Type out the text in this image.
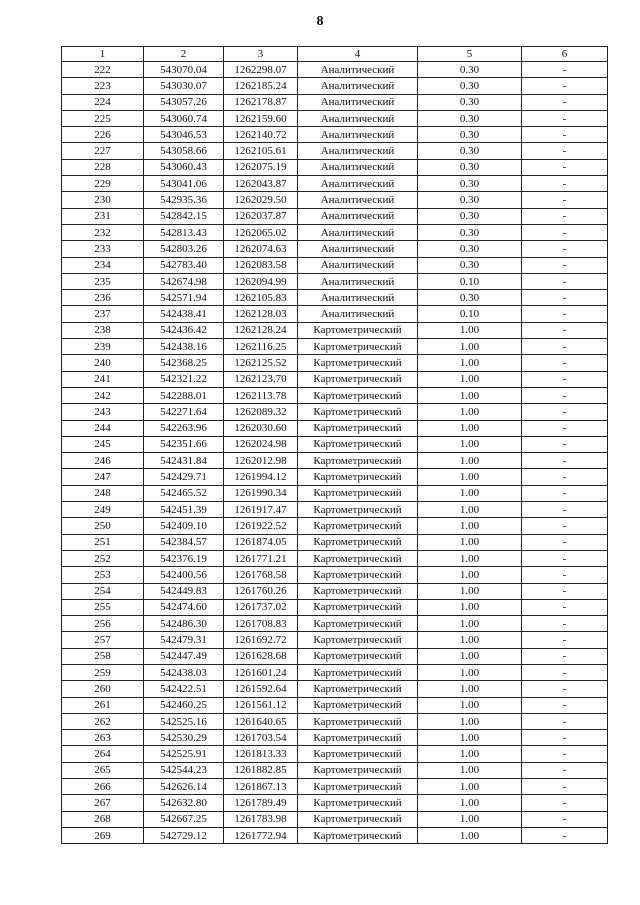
8
1	2	3	4	5	6
222	543070.04	1262298.07	Аналитический	0.30	-
223	543030.07	1262185.24	Аналитический	0.30	-
224	543057.26	1262178.87	Аналитический	0.30	-
225	543060.74	1262159.60	Аналитический	0.30	-
226	543046.53	1262140.72	Аналитический	0.30	-
227	543058.66	1262105.61	Аналитический	0.30	-
228	543060.43	1262075.19	Аналитический	0.30	-
229	543041.06	1262043.87	Аналитический	0.30	-
230	542935.36	1262029.50	Аналитический	0.30	-
231	542842.15	1262037.87	Аналитический	0.30	-
232	542813.43	1262065.02	Аналитический	0.30	-
233	542803.26	1262074.63	Аналитический	0.30	-
234	542783.40	1262083.58	Аналитический	0.30	-
235	542674.98	1262094.99	Аналитический	0.10	-
236	542571.94	1262105.83	Аналитический	0.30	-
237	542438.41	1262128.03	Аналитический	0.10	-
238	542436.42	1262128.24	Картометрический	1.00	-
239	542438.16	1262116.25	Картометрический	1.00	-
240	542368.25	1262125.52	Картометрический	1.00	-
241	542321.22	1262123.70	Картометрический	1.00	-
242	542288.01	1262113.78	Картометрический	1.00	-
243	542271.64	1262089.32	Картометрический	1.00	-
244	542263.96	1262030.60	Картометрический	1.00	-
245	542351.66	1262024.98	Картометрический	1.00	-
246	542431.84	1262012.98	Картометрический	1.00	-
247	542429.71	1261994.12	Картометрический	1.00	-
248	542465.52	1261990.34	Картометрический	1.00	-
249	542451.39	1261917.47	Картометрический	1.00	-
250	542409.10	1261922.52	Картометрический	1.00	-
251	542384.57	1261874.05	Картометрический	1.00	-
252	542376.19	1261771.21	Картометрический	1.00	-
253	542400.56	1261768.58	Картометрический	1.00	-
254	542449.83	1261760.26	Картометрический	1.00	-
255	542474.60	1261737.02	Картометрический	1.00	-
256	542486.30	1261708.83	Картометрический	1.00	-
257	542479.31	1261692.72	Картометрический	1.00	-
258	542447.49	1261628.68	Картометрический	1.00	-
259	542438.03	1261601.24	Картометрический	1.00	-
260	542422.51	1261592.64	Картометрический	1.00	-
261	542460.25	1261561.12	Картометрический	1.00	-
262	542525.16	1261640.65	Картометрический	1.00	-
263	542530.29	1261703.54	Картометрический	1.00	-
264	542525.91	1261813.33	Картометрический	1.00	-
265	542544.23	1261882.85	Картометрический	1.00	-
266	542626.14	1261867.13	Картометрический	1.00	-
267	542632.80	1261789.49	Картометрический	1.00	-
268	542667.25	1261783.98	Картометрический	1.00	-
269	542729.12	1261772.94	Картометрический	1.00	-
